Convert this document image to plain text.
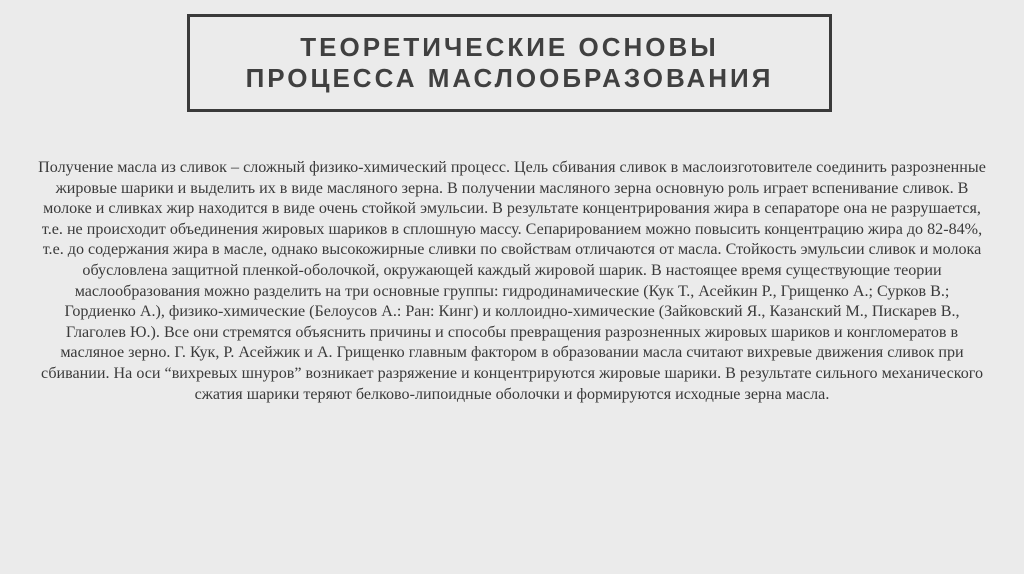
ТЕОРЕТИЧЕСКИЕ ОСНОВЫ
ПРОЦЕССА МАСЛООБРАЗОВАНИЯ

Получение масла из сливок – сложный физико-химический процесс. Цель сбивания сливок в маслоизготовителе соединить разрозненные жировые шарики и выделить их в виде масляного зерна. В получении масляного зерна основную роль играет вспенивание сливок. В молоке и сливках жир находится в виде очень стойкой эмульсии. В результате концентрирования жира в сепараторе она не разрушается, т.е. не происходит объединения жировых шариков в сплошную массу. Сепарированием можно повысить концентрацию жира до 82-84%, т.е. до содержания жира в масле, однако высокожирные сливки по свойствам отличаются от масла. Стойкость эмульсии сливок и молока обусловлена защитной пленкой-оболочкой, окружающей каждый жировой шарик. В настоящее время существующие теории маслообразования можно разделить на три основные группы: гидродинамические (Кук Т., Асейкин Р., Грищенко А.; Сурков В.; Гордиенко А.), физико-химические (Белоусов А.: Ран: Кинг) и коллоидно-химические (Зайковский Я., Казанский М., Пискарев В., Глаголев Ю.). Все они стремятся объяснить причины и способы превращения разрозненных жировых шариков и конгломератов в масляное зерно. Г. Кук, Р. Асейжик и А. Грищенко главным фактором в образовании масла считают вихревые движения сливок при сбивании. На оси “вихревых шнуров” возникает разряжение и концентрируются жировые шарики. В результате сильного механического сжатия шарики теряют белково-липоидные оболочки и формируются исходные зерна масла.
